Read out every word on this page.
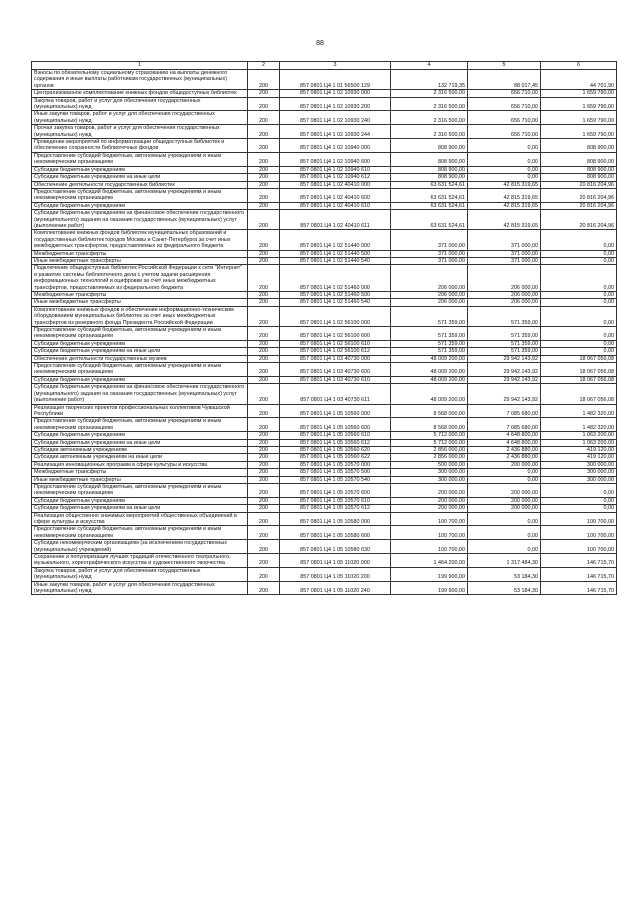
88
1	2	3	4	5	6
Взносы по обязательному социальному страхованию на выплаты денежного содержания и иные выплаты работникам государственных (муниципальных) органов	200	857 0801 Ц4 1 01 56500 129	132 719,35	88 017,45	44 701,90
Централизованное комплектование книжных фондов общедоступных библиотек	200	857 0801 Ц4 1 02 10930 000	2 316 500,00	656 710,00	1 659 790,00
Закупка товаров, работ и услуг для обеспечения государственных (муниципальных) нужд	200	857 0801 Ц4 1 02 10930 200	2 316 500,00	656 710,00	1 659 790,00
Иные закупки товаров, работ и услуг для обеспечения государственных (муниципальных) нужд	200	857 0801 Ц4 1 02 10930 240	2 316 500,00	656 710,00	1 659 790,00
Прочая закупка товаров, работ и услуг для обеспечения государственных (муниципальных) нужд	200	857 0801 Ц4 1 02 10930 244	2 316 500,00	656 710,00	1 659 790,00
Проведение мероприятий по информатизации общедоступных библиотек и обеспечению сохранности библиотечных фондов	200	857 0801 Ц4 1 02 10940 000	808 900,00	0,00	808 900,00
Предоставление субсидий бюджетным, автономным учреждениям и иным некоммерческим организациям	200	857 0801 Ц4 1 02 10940 600	808 900,00	0,00	808 900,00
Субсидии бюджетным учреждениям	200	857 0801 Ц4 1 02 10940 610	808 900,00	0,00	808 900,00
Субсидии бюджетным учреждениям на иные цели	200	857 0801 Ц4 1 02 10940 612	808 900,00	0,00	808 900,00
Обеспечение деятельности государственных библиотек	200	857 0801 Ц4 1 02 40410 000	63 631 524,61	42 815 319,65	20 816 204,96
Предоставление субсидий бюджетным, автономным учреждениям и иным некоммерческим организациям	200	857 0801 Ц4 1 02 40410 600	63 631 524,61	42 815 319,65	20 816 204,96
Субсидии бюджетным учреждениям	200	857 0801 Ц4 1 02 40410 610	63 631 524,61	42 815 319,65	20 816 204,96
Субсидии бюджетным учреждениям на финансовое обеспечение государственного (муниципального) задания на оказание государственных (муниципальных) услуг (выполнение работ)	200	857 0801 Ц4 1 02 40410 611	63 631 524,61	42 815 319,65	20 816 204,96
Комплектование книжных фондов библиотек муниципальных образований и государственных библиотек городов Москвы и Санкт-Петербурга за счет иных межбюджетных трансфертов, предоставляемых из федерального бюджета	200	857 0801 Ц4 1 02 51440 000	371 000,00	371 000,00	0,00
Межбюджетные трансферты	200	857 0801 Ц4 1 02 51440 500	371 000,00	371 000,00	0,00
Иные межбюджетные трансферты	200	857 0801 Ц4 1 02 51440 540	371 000,00	371 000,00	0,00
Подключение общедоступных библиотек Российской Федерации к сети "Интернет" и развитие системы библиотечного дела с учетом задачи расширения информационных технологий и оцифровки за счет иных межбюджетных трансфертов, предоставляемых из федерального бюджета	200	857 0801 Ц4 1 02 51460 000	206 000,00	206 000,00	0,00
Межбюджетные трансферты	200	857 0801 Ц4 1 02 51460 500	206 000,00	206 000,00	0,00
Иные межбюджетные трансферты	200	857 0801 Ц4 1 02 51460 540	206 000,00	206 000,00	0,00
Комплектование книжных фондов и обеспечение информационно-техническим оборудованием муниципальных библиотек за счет иных межбюджетных трансфертов из резервного фонда Президента Российской Федерации	200	857 0801 Ц4 1 02 56100 000	571 359,00	571 359,00	0,00
Предоставление субсидий бюджетным, автономным учреждениям и иным некоммерческим организациям	200	857 0801 Ц4 1 02 56100 600	571 359,00	571 359,00	0,00
Субсидии бюджетным учреждениям	200	857 0801 Ц4 1 02 56100 610	571 359,00	571 359,00	0,00
Субсидии бюджетным учреждениям на иные цели	200	857 0801 Ц4 1 02 56100 612	571 359,00	571 359,00	0,00
Обеспечение деятельности государственных музеев	200	857 0801 Ц4 1 03 40730 000	48 009 200,00	29 942 143,92	18 067 056,08
Предоставление субсидий бюджетным, автономным учреждениям и иным некоммерческим организациям	200	857 0801 Ц4 1 03 40730 600	48 009 200,00	29 942 143,92	18 067 056,08
Субсидии бюджетным учреждениям	200	857 0801 Ц4 1 03 40730 610	48 009 200,00	29 942 143,92	18 067 056,08
Субсидии бюджетным учреждениям на финансовое обеспечение государственного (муниципального) задания на оказание государственных (муниципальных) услуг (выполнение работ)	200	857 0801 Ц4 1 03 40730 611	48 009 200,00	29 942 143,92	18 067 056,08
Реализация творческих проектов профессиональных коллективов Чувашской Республики	200	857 0801 Ц4 1 05 10560 000	8 568 000,00	7 085 680,00	1 482 320,00
Предоставление субсидий бюджетным, автономным учреждениям и иным некоммерческим организациям	200	857 0801 Ц4 1 05 10560 600	8 568 000,00	7 085 680,00	1 482 320,00
Субсидии бюджетным учреждениям	200	857 0801 Ц4 1 05 10560 610	5 712 000,00	4 648 800,00	1 063 200,00
Субсидии бюджетным учреждениям на иные цели	200	857 0801 Ц4 1 05 10560 612	5 712 000,00	4 648 800,00	1 063 200,00
Субсидии автономным учреждениям	200	857 0801 Ц4 1 05 10560 620	2 856 000,00	2 436 880,00	419 120,00
Субсидии автономным учреждениям на иные цели	200	857 0801 Ц4 1 05 10560 622	2 856 000,00	2 436 880,00	419 120,00
Реализация инновационных программ в сфере культуры и искусства	200	857 0801 Ц4 1 05 10570 000	500 000,00	200 000,00	300 000,00
Межбюджетные трансферты	200	857 0801 Ц4 1 05 10570 500	300 000,00	0,00	300 000,00
Иные межбюджетные трансферты	200	857 0801 Ц4 1 05 10570 540	300 000,00	0,00	300 000,00
Предоставление субсидий бюджетным, автономным учреждениям и иным некоммерческим организациям	200	857 0801 Ц4 1 05 10570 600	200 000,00	200 000,00	0,00
Субсидии бюджетным учреждениям	200	857 0801 Ц4 1 05 10570 610	200 000,00	200 000,00	0,00
Субсидии бюджетным учреждениям на иные цели	200	857 0801 Ц4 1 05 10570 612	200 000,00	200 000,00	0,00
Реализация общественно значимых мероприятий общественных объединений в сфере культуры и искусства	200	857 0801 Ц4 1 05 10580 000	100 700,00	0,00	100 700,00
Предоставление субсидий бюджетным, автономным учреждениям и иным некоммерческим организациям	200	857 0801 Ц4 1 05 10580 600	100 700,00	0,00	100 700,00
Субсидии некоммерческим организациям (за исключением государственных (муниципальных) учреждений)	200	857 0801 Ц4 1 05 10580 630	100 700,00	0,00	100 700,00
Сохранение и популяризация лучших традиций отечественного театрального, музыкального, хореографического искусства и художественного творчества	200	857 0801 Ц4 1 05 11020 000	1 464 200,00	1 317 484,30	146 715,70
Закупка товаров, работ и услуг для обеспечения государственных (муниципальных) нужд	200	857 0801 Ц4 1 05 11020 200	199 900,00	53 184,30	146 715,70
Иные закупки товаров, работ и услуг для обеспечения государственных (муниципальных) нужд	200	857 0801 Ц4 1 05 11020 240	199 900,00	53 184,30	146 715,70
